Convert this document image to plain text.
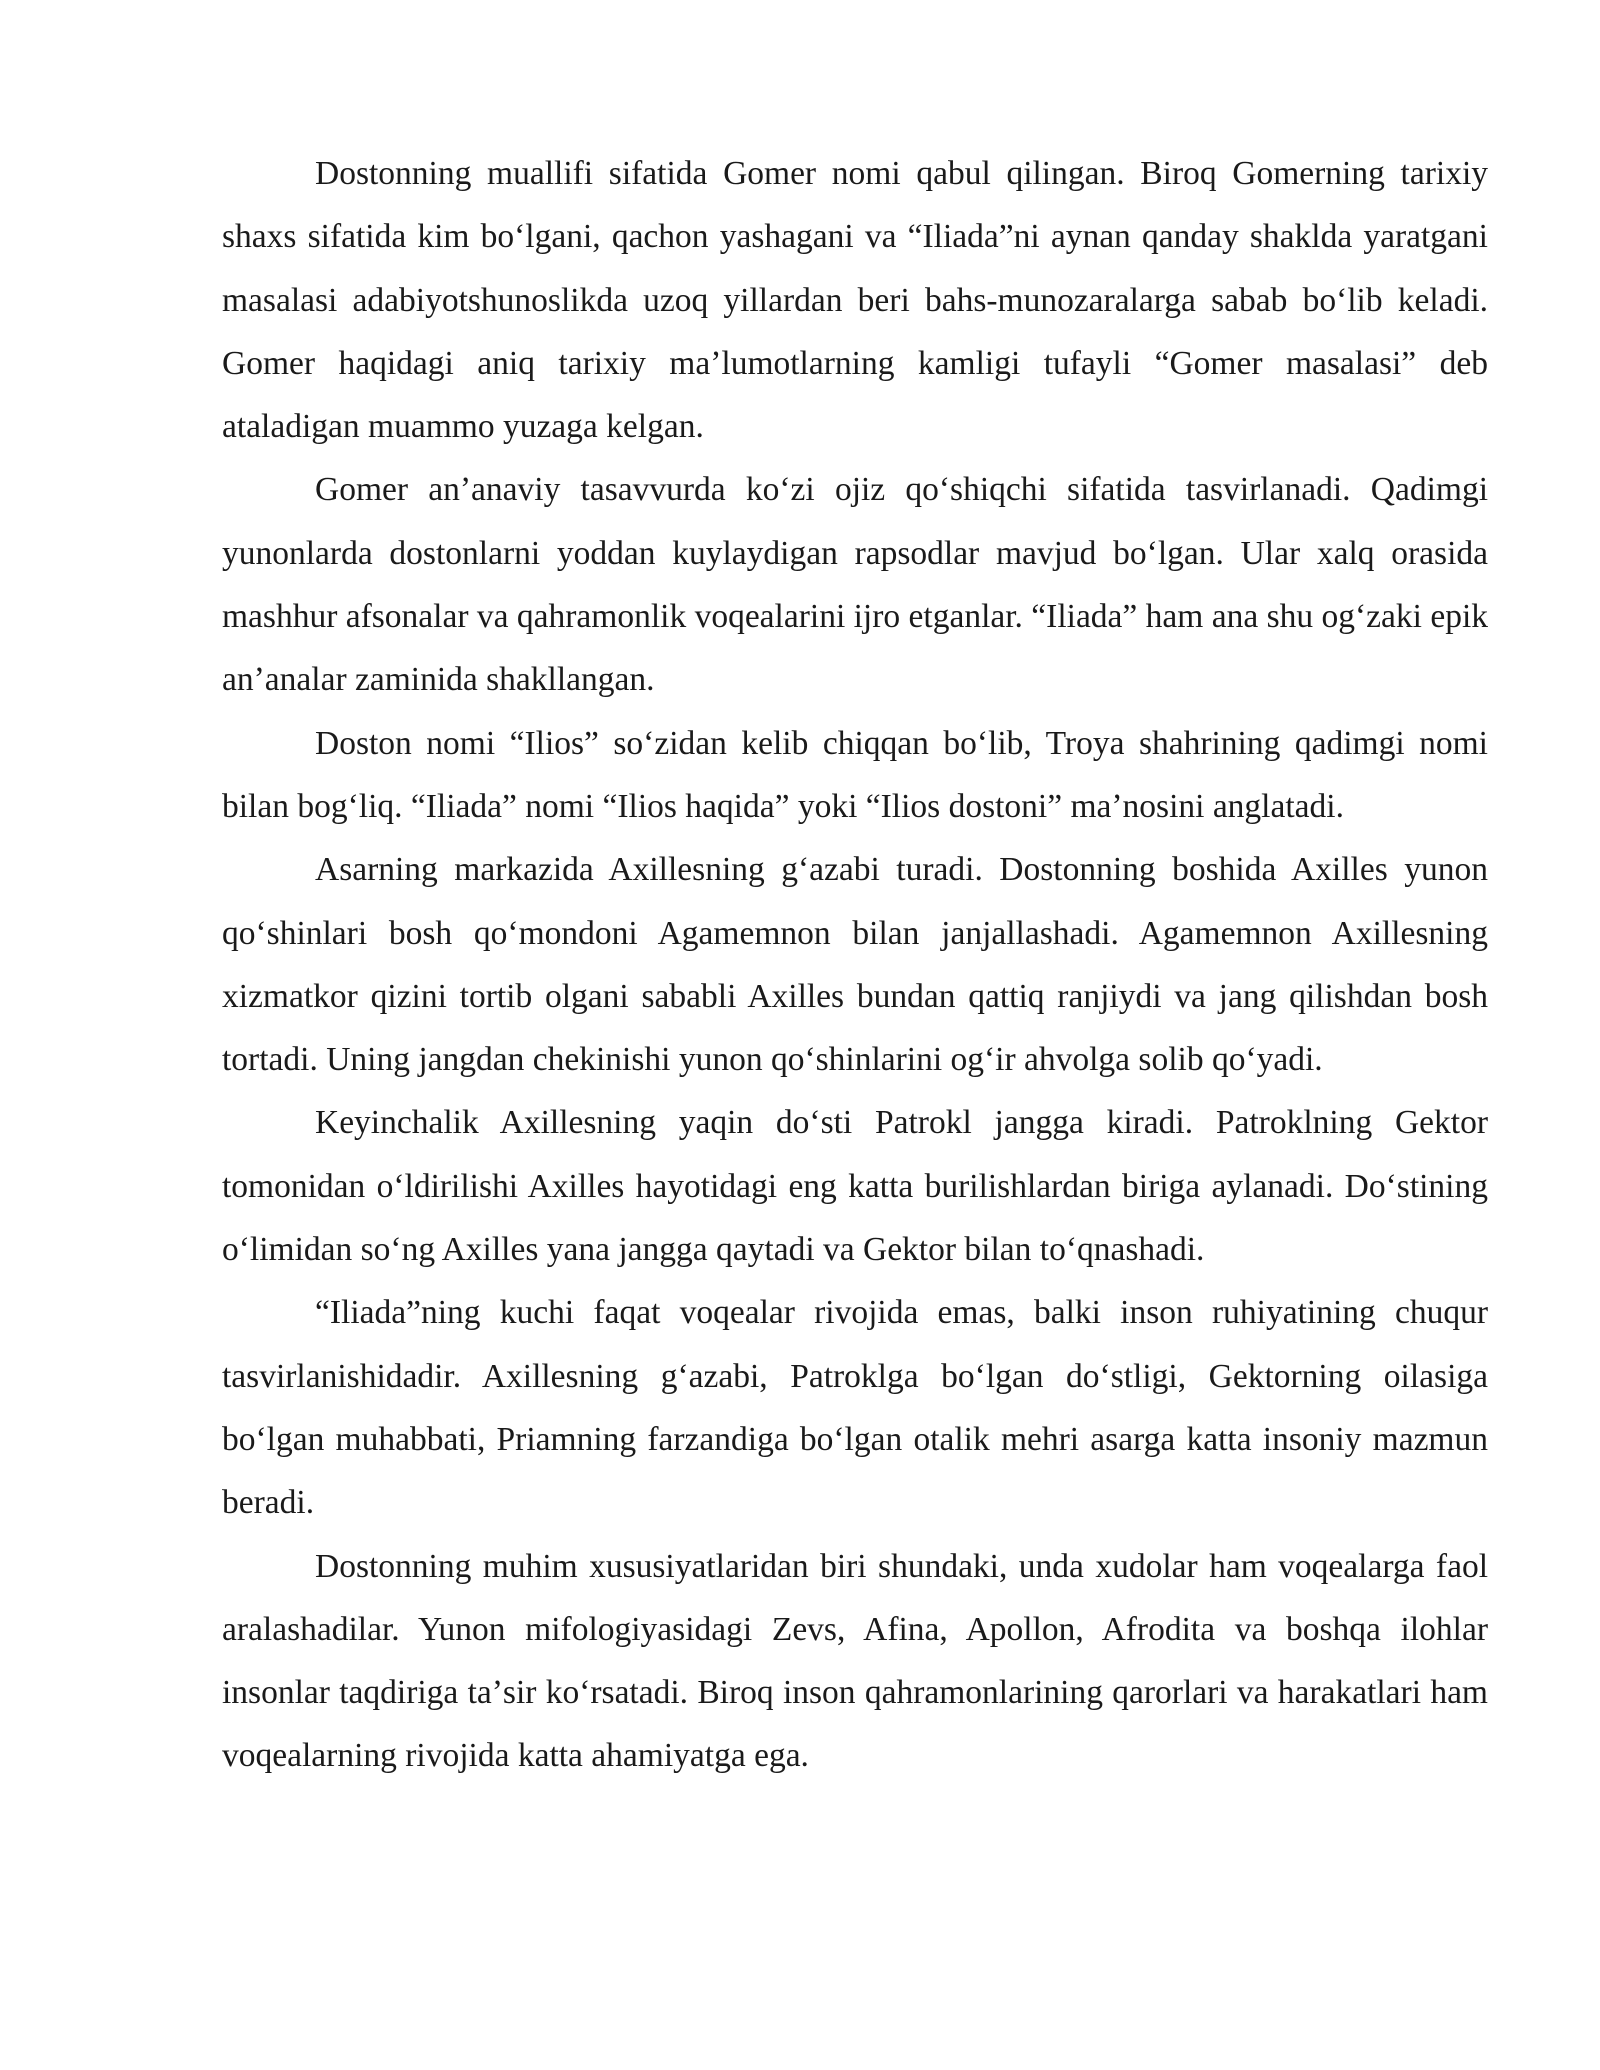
Dostonning muallifi sifatida Gomer nomi qabul qilingan. Biroq Gomerning tarixiy shaxs sifatida kim boʻlgani, qachon yashagani va “Iliada”ni aynan qanday shaklda yaratgani masalasi adabiyotshunoslikda uzoq yillardan beri bahs-munozaralarga sabab boʻlib keladi. Gomer haqidagi aniq tarixiy maʼlumotlarning kamligi tufayli “Gomer masalasi” deb ataladigan muammo yuzaga kelgan.

Gomer anʼanaviy tasavvurda koʻzi ojiz qoʻshiqchi sifatida tasvirlanadi. Qadimgi yunonlarda dostonlarni yoddan kuylaydigan rapsodlar mavjud boʻlgan. Ular xalq orasida mashhur afsonalar va qahramonlik voqealarini ijro etganlar. “Iliada” ham ana shu ogʻzaki epik anʼanalar zaminida shakllangan.

Doston nomi “Ilios” soʻzidan kelib chiqqan boʻlib, Troya shahrining qadimgi nomi bilan bogʻliq. “Iliada” nomi “Ilios haqida” yoki “Ilios dostoni” maʼnosini anglatadi.

Asarning markazida Axillesning gʻazabi turadi. Dostonning boshida Axilles yunon qoʻshinlari bosh qoʻmondoni Agamemnon bilan janjallashadi. Agamemnon Axillesning xizmatkor qizini tortib olgani sababli Axilles bundan qattiq ranjiydi va jang qilishdan bosh tortadi. Uning jangdan chekinishi yunon qoʻshinlarini ogʻir ahvolga solib qoʻyadi.

Keyinchalik Axillesning yaqin doʻsti Patrokl jangga kiradi. Patroklning Gektor tomonidan oʻldirilishi Axilles hayotidagi eng katta burilishlardan biriga aylanadi. Doʻstining oʻlimidan soʻng Axilles yana jangga qaytadi va Gektor bilan toʻqnashadi.

“Iliada”ning kuchi faqat voqealar rivojida emas, balki inson ruhiyatining chuqur tasvirlanishidadir. Axillesning gʻazabi, Patroklga boʻlgan doʻstligi, Gektorning oilasiga boʻlgan muhabbati, Priamning farzandiga boʻlgan otalik mehri asarga katta insoniy mazmun beradi.

Dostonning muhim xususiyatlaridan biri shundaki, unda xudolar ham voqealarga faol aralashadilar. Yunon mifologiyasidagi Zevs, Afina, Apollon, Afrodita va boshqa ilohlar insonlar taqdiriga taʼsir koʻrsatadi. Biroq inson qahramonlarining qarorlari va harakatlari ham voqealarning rivojida katta ahamiyatga ega.
